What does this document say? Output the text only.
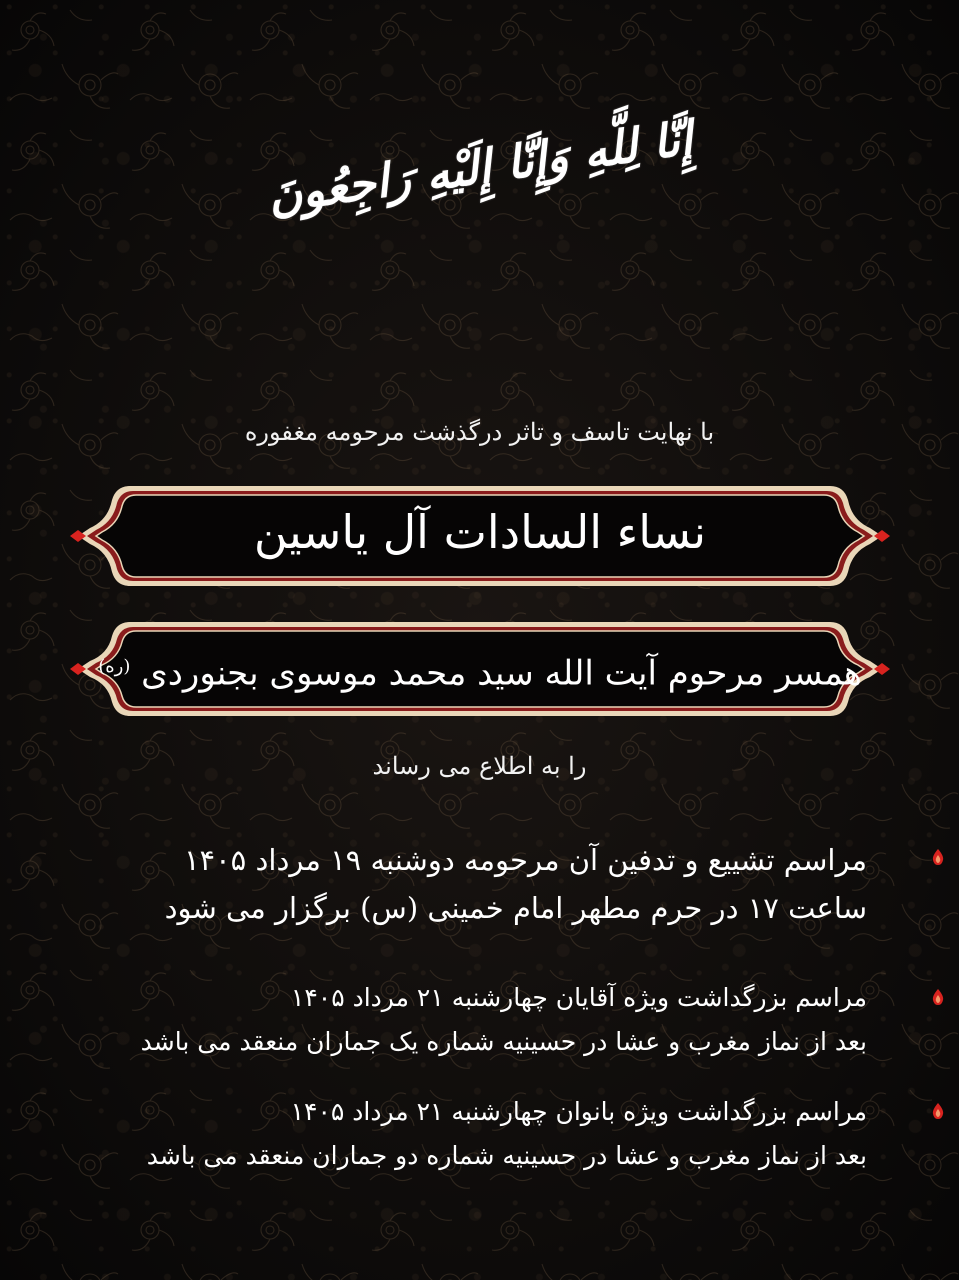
إِنَّا لِلَّهِ وَإِنَّا إِلَيْهِ رَاجِعُونَ
با نهایت تاسف و تاثر درگذشت مرحومه مغفوره
نساء السادات آل یاسین
همسر مرحوم آیت الله سید محمد موسوی بجنوردی $^{(ره)}$
را به اطلاع می رساند
مراسم تشییع و تدفین آن مرحومه دوشنبه ۱۹ مرداد ۱۴۰۵
ساعت ۱۷ در حرم مطهر امام خمینی (س) برگزار می شود
مراسم بزرگداشت ویژه آقایان چهارشنبه ۲۱ مرداد ۱۴۰۵
بعد از نماز مغرب و عشا در حسینیه شماره یک جماران منعقد می باشد
مراسم بزرگداشت ویژه بانوان چهارشنبه ۲۱ مرداد ۱۴۰۵
بعد از نماز مغرب و عشا در حسینیه شماره دو جماران منعقد می باشد
